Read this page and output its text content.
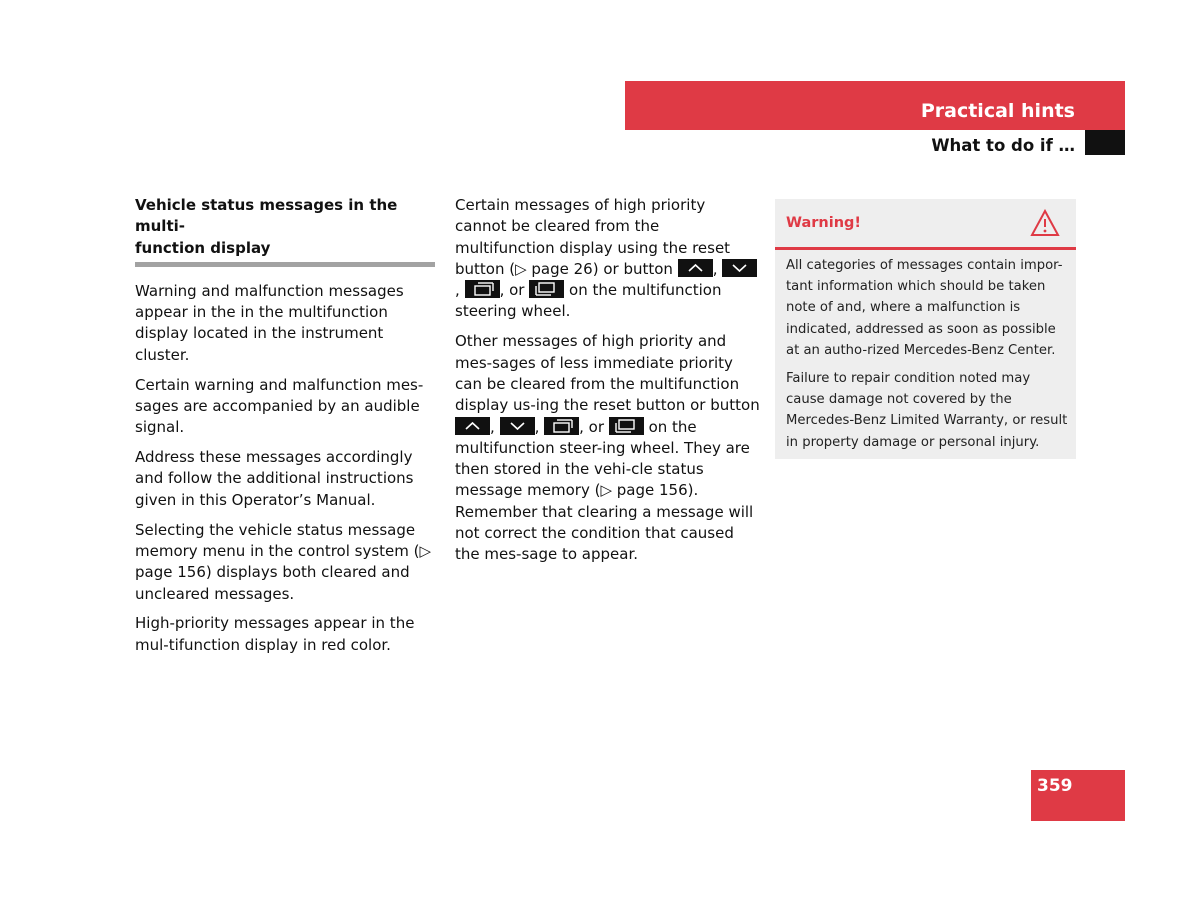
Practical hints
What to do if …
Vehicle status messages in the multi-
function display

Warning and malfunction messages appear in the in the multifunction display located in the instrument cluster.

Certain warning and malfunction mes-sages are accompanied by an audible signal.

Address these messages accordingly and follow the additional instructions given in this Operator’s Manual.

Selecting the vehicle status message memory menu in the control system (▷ page 156) displays both cleared and uncleared messages.

High-priority messages appear in the mul-tifunction display in red color.

Certain messages of high priority cannot be cleared from the multifunction display using the reset button (▷ page 26) or button	,
,	, or	on the multifunction steering wheel.

Other messages of high priority and mes-sages of less immediate priority can be cleared from the multifunction display us-ing the reset button or button
,	,	, or	on the multifunction steer-ing wheel. They are then stored in the vehi-cle status message memory (▷ page 156). Remember that clearing a message will not correct the condition that caused the mes-sage to appear.

Warning!

All categories of messages contain impor-tant information which should be taken note of and, where a malfunction is indicated, addressed as soon as possible at an autho-rized Mercedes-Benz Center.

Failure to repair condition noted may cause damage not covered by the Mercedes-Benz Limited Warranty, or result in property damage or personal injury.

359
